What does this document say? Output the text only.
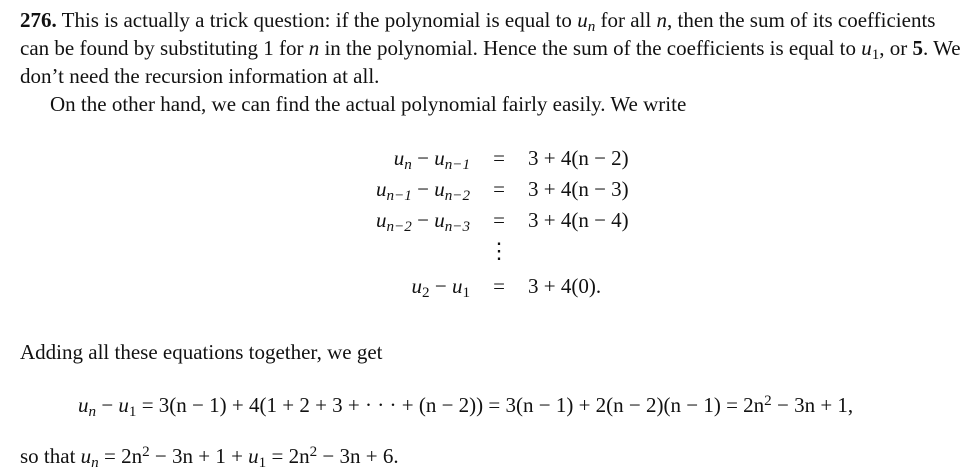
276. This is actually a trick question: if the polynomial is equal to $u_n$ for all n, then the sum of its coefficients can be found by substituting 1 for n in the polynomial. Hence the sum of the coefficients is equal to $u_1$, or 5. We don’t need the recursion information at all.

On the other hand, we can find the actual polynomial fairly easily. We write

$u_n - u_{n-1}$	=	3 + 4(n − 2)
$u_{n-1} - u_{n-2}$	=	3 + 4(n − 3)
$u_{n-2} - u_{n-3}$	=	3 + 4(n − 4)
	⋮	
$u_2 - u_1$	=	3 + 4(0).

Adding all these equations together, we get

$u_n - u_1 = 3(n - 1) + 4(1 + 2 + 3$ + · · · + $(n - 2)) = 3(n - 1) + 2(n - 2)(n - 1) = 2n^2 - 3n + 1$,

so that $u_n = 2n^2 - 3n + 1 + u_1 = 2n^2 - 3n + 6$.
